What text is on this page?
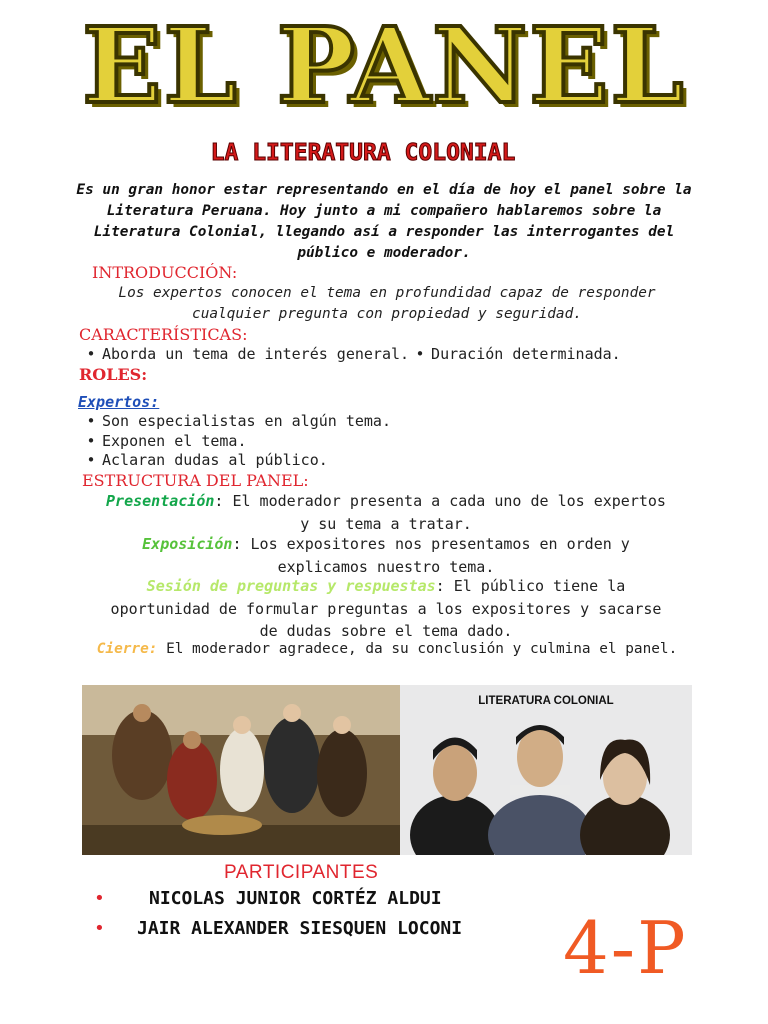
EL PANEL
LA LITERATURA COLONIAL
Es un gran honor estar representando en el día de hoy el panel sobre la Literatura Peruana. Hoy junto a mi compañero hablaremos sobre la Literatura Colonial, llegando así a responder las interrogantes del público e moderador.
INTRODUCCIÓN:
Los expertos conocen el tema en profundidad capaz de responder cualquier pregunta con propiedad y seguridad.
CARACTERÍSTICAS:
• Aborda un tema de interés general. • Duración determinada.
ROLES:
Expertos:
• Son especialistas en algún tema.
• Exponen el tema.
• Aclaran dudas al público.
ESTRUCTURA DEL PANEL:
Presentación: El moderador presenta a cada uno de los expertos y su tema a tratar.
Exposición: Los expositores nos presentamos en orden y explicamos nuestro tema.
Sesión de preguntas y respuestas: El público tiene la oportunidad de formular preguntas a los expositores y sacarse de dudas sobre el tema dado.
Cierre: El moderador agradece, da su conclusión y culmina el panel.
LITERATURA COLONIAL
PARTICIPANTES
• NICOLAS JUNIOR CORTÉZ ALDUI
• JAIR ALEXANDER SIESQUEN LOCONI 4-P
